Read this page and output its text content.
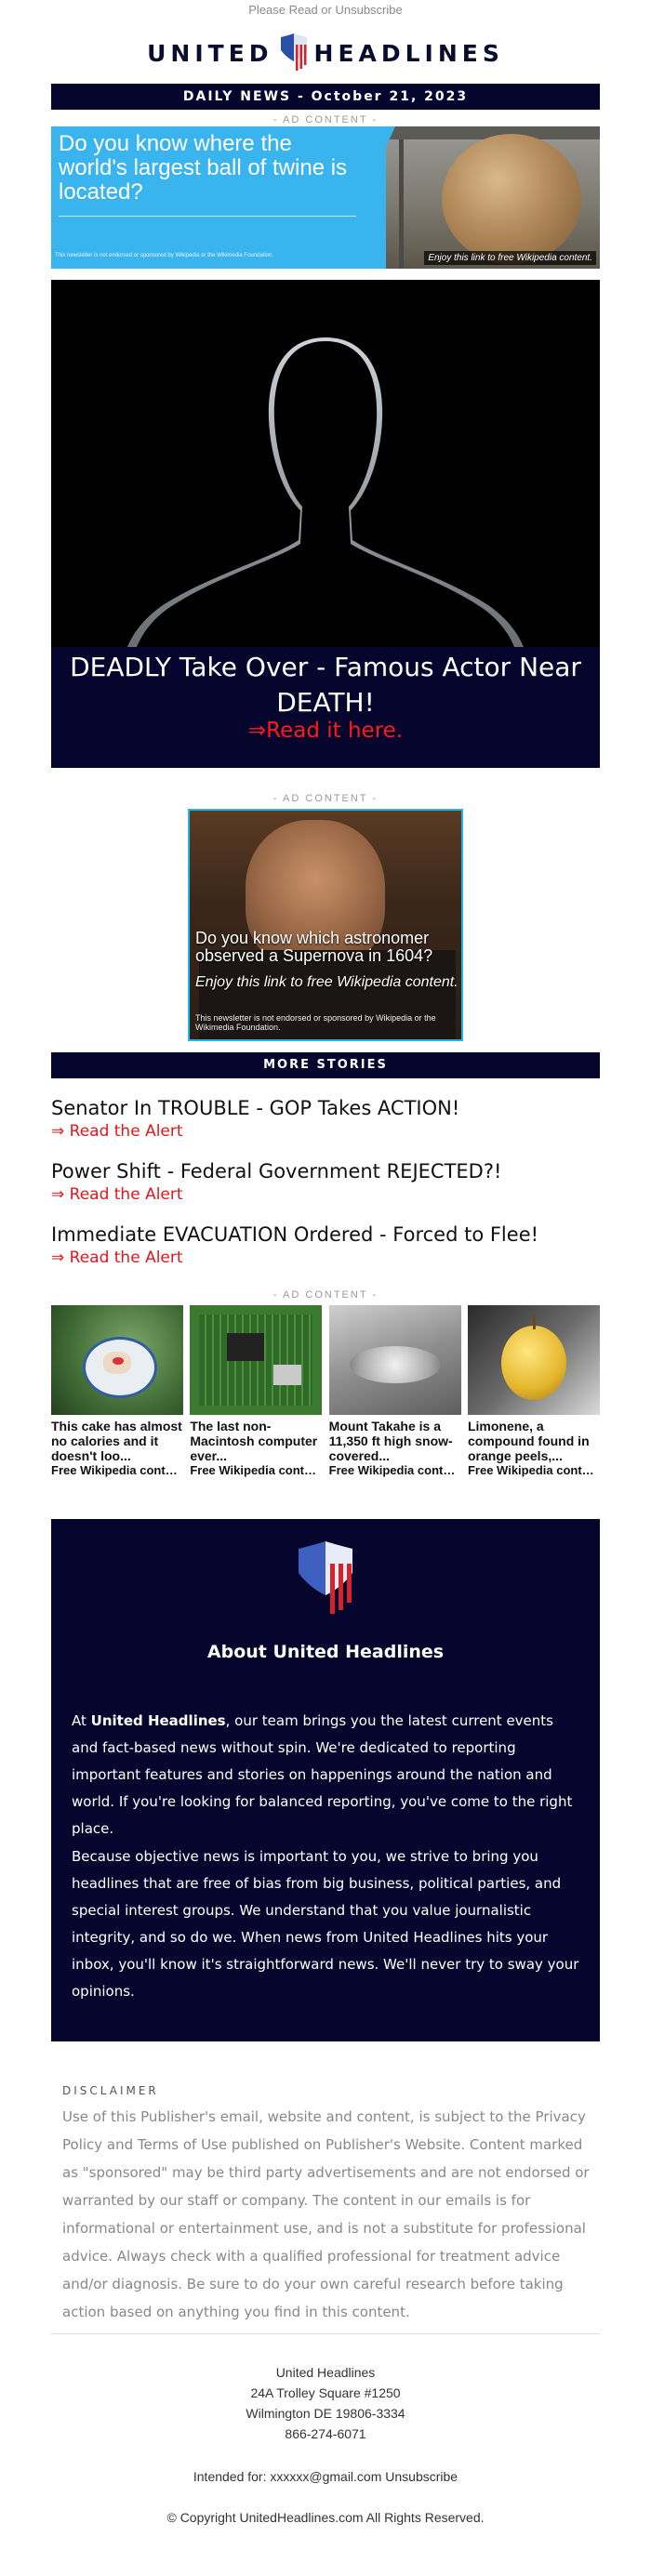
Please Read or Unsubscribe
UNITED HEADLINES
DAILY NEWS - October 21, 2023
- AD CONTENT -
Do you know where the world's largest ball of twine is located?
This newsletter is not endorsed or sponsored by Wikipedia or the Wikimedia Foundation.	Enjoy this link to free Wikipedia content.
DEADLY Take Over - Famous Actor Near DEATH!
⇒Read it here.
- AD CONTENT -
Do you know which astronomer observed a Supernova in 1604?
Enjoy this link to free Wikipedia content.
This newsletter is not endorsed or sponsored by Wikipedia or the Wikimedia Foundation.
MORE STORIES
Senator In TROUBLE - GOP Takes ACTION!
⇒ Read the Alert
Power Shift - Federal Government REJECTED?!
⇒ Read the Alert
Immediate EVACUATION Ordered - Forced to Flee!
⇒ Read the Alert
- AD CONTENT -
This cake has almost no calories and it doesn't loo...
Free Wikipedia content
The last non-Macintosh computer ever...
Free Wikipedia content
Mount Takahe is a 11,350 ft high snow-covered...
Free Wikipedia content
Limonene, a compound found in orange peels,...
Free Wikipedia content
About United Headlines

At United Headlines, our team brings you the latest current events and fact-based news without spin. We're dedicated to reporting important features and stories on happenings around the nation and world. If you're looking for balanced reporting, you've come to the right place.

Because objective news is important to you, we strive to bring you headlines that are free of bias from big business, political parties, and special interest groups. We understand that you value journalistic integrity, and so do we. When news from United Headlines hits your inbox, you'll know it's straightforward news. We'll never try to sway your opinions.

DISCLAIMER
Use of this Publisher's email, website and content, is subject to the Privacy Policy and Terms of Use published on Publisher's Website. Content marked as "sponsored" may be third party advertisements and are not endorsed or warranted by our staff or company. The content in our emails is for informational or entertainment use, and is not a substitute for professional advice. Always check with a qualified professional for treatment advice and/or diagnosis. Be sure to do your own careful research before taking action based on anything you find in this content.
United Headlines
24A Trolley Square #1250
Wilmington DE 19806-3334
866-274-6071
Intended for: xxxxxx@gmail.com Unsubscribe
© Copyright UnitedHeadlines.com All Rights Reserved.
